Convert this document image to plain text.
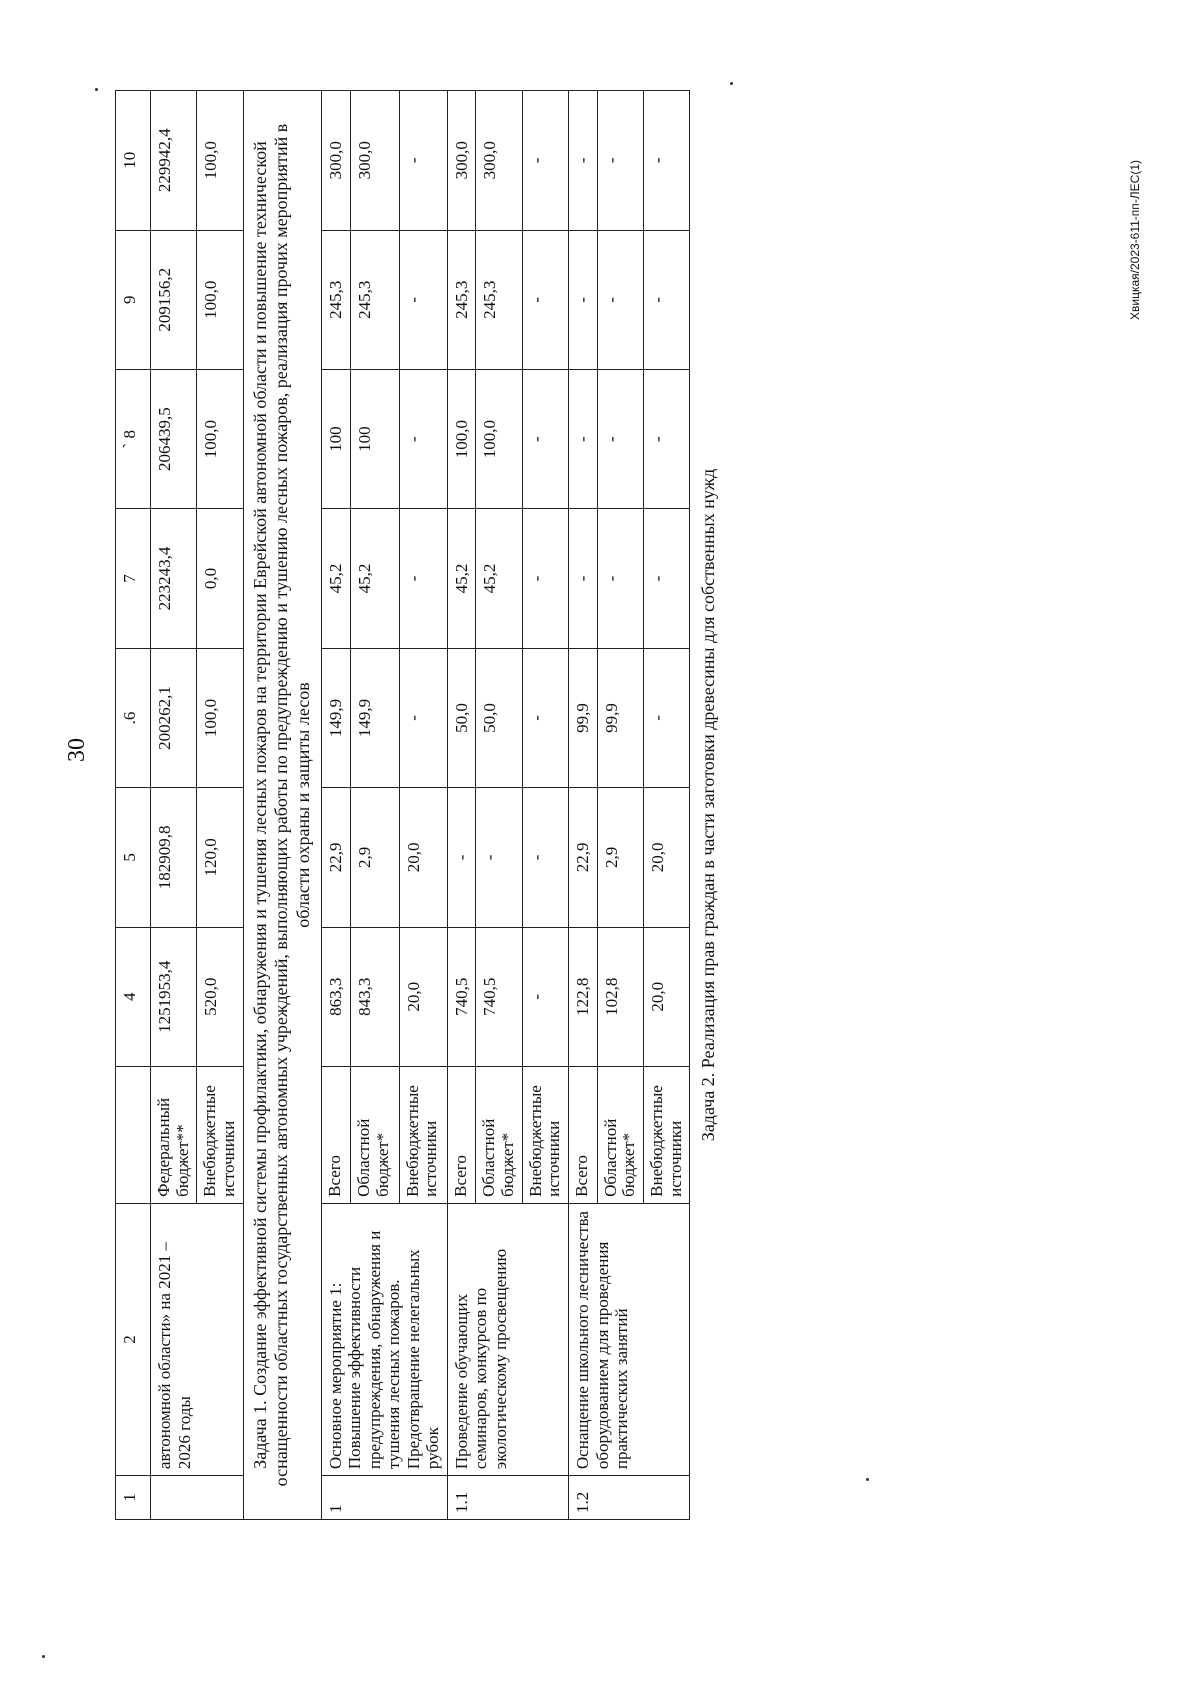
30
Хвицкая/2023-611-пп-ЛЕС(1)
1	2		4	5	.6	7	` 8	9	10
	автономной области» на 2021 – 2026 годы	Федеральный бюджет**	1251953,4	182909,8	200262,1	223243,4	206439,5	209156,2	229942,4
		Внебюджетные источники	520,0	120,0	100,0	0,0	100,0	100,0	100,0
Задача 1. Создание эффективной системы профилактики, обнаружения и тушения лесных пожаров на территории Еврейской автономной области и повышение технической оснащенности областных государственных автономных учреждений, выполняющих работы по предупреждению и тушению лесных пожаров, реализация прочих мероприятий в области охраны и защиты лесов									
1	Основное мероприятие 1: Повышение эффективности предупреждения, обнаружения и тушения лесных пожаров. Предотвращение нелегальных рубок	Всего	863,3	22,9	149,9	45,2	100	245,3	300,0
		Областной бюджет*	843,3	2,9	149,9	45,2	100	245,3	300,0
		Внебюджетные источники	20,0	20,0	-	-	-	-	-
1.1	Проведение обучающих семинаров, конкурсов по экологическому просвещению	Всего	740,5	-	50,0	45,2	100,0	245,3	300,0
		Областной бюджет*	740,5	-	50,0	45,2	100,0	245,3	300,0
		Внебюджетные источники	-	-	-	-	-	-	-
1.2	Оснащение школьного лесничества оборудованием для проведения практических занятий	Всего	122,8	22,9	99,9	-	-	-	-
		Областной бюджет*	102,8	2,9	99,9	-	-	-	-
		Внебюджетные источники	20,0	20,0	-	-	-	-	-
Задача 2. Реализация прав граждан в части заготовки древесины для собственных нужд									
